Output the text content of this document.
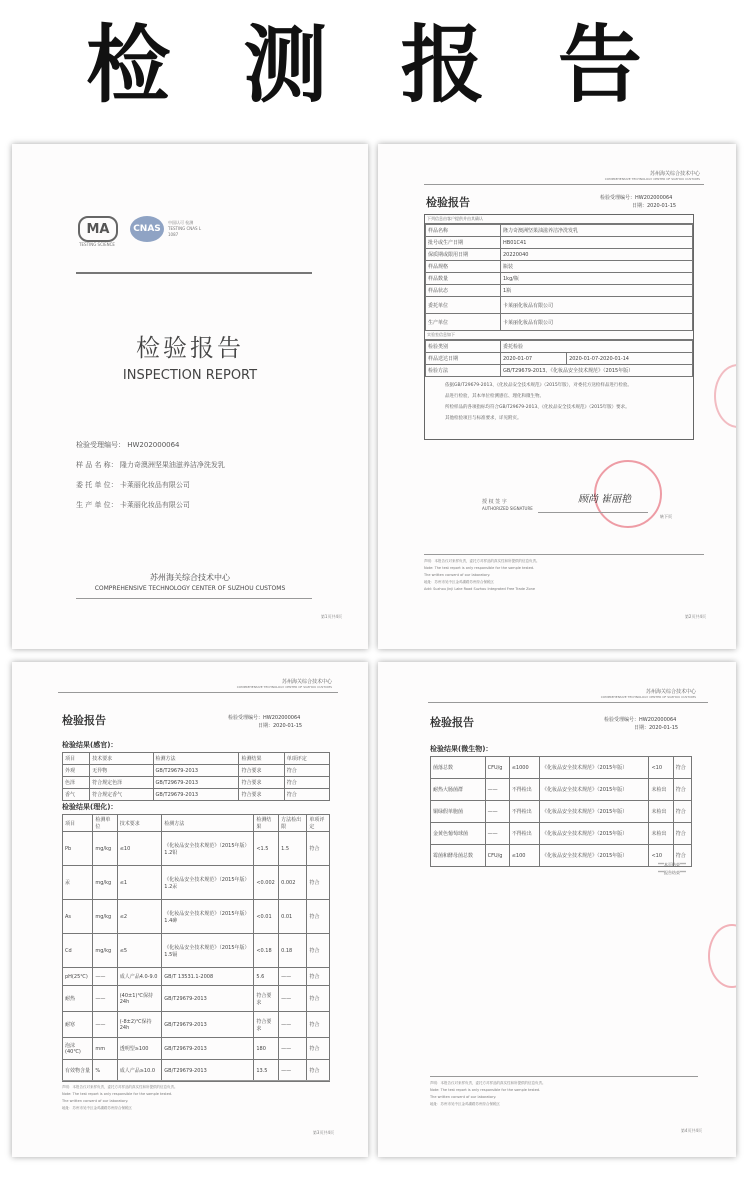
检 测 报 告
MA
TESTING SCIENCE
CNAS
中国认可 检测 TESTING CNAS L 1087
检验报告
INSPECTION REPORT
检验受理编号： HW202000064
样 品 名 称： 隆力奇澳洲坚果油滋养洁净洗发乳
委 托 单 位： 卡莱丽化妆品有限公司
生 产 单 位： 卡莱丽化妆品有限公司
苏州海关综合技术中心
COMPREHENSIVE TECHNOLOGY CENTER OF SUZHOU CUSTOMS
第1页共4页
苏州海关综合技术中心
COMPREHENSIVE TECHNOLOGY CENTER OF SUZHOU CUSTOMS
检验报告	检验受理编号：HW202000064
日期：2020-01-15
下列信息由客户提供并由其确认
样品名称	隆力奇澳洲坚果油滋养洁净洗发乳
批号或生产日期	HB01C41
保质期或限用日期	20220040
样品规格	瓶装
样品数量	1kg/瓶
样品状态	1瓶
委托单位	卡莱丽化妆品有限公司
生产单位	卡莱丽化妆品有限公司
实验室信息如下
检验类别	委托检验	
样品送达日期	2020-01-07	2020-01-07-2020-01-14
检验方法	GB/T29679-2013、《化妆品安全技术规范》（2015年版）	
依据GB/T29679-2013、《化妆品安全技术规范》（2015年版），对委托方送检样品进行检验。
品进行检验，其本单位检测感官、理化和微生物。
所检样品的各项指标均符合GB/T29679-2013、《化妆品安全技术规范》（2015年版）要求。
其他检验项目与标准要求，详见附页。
授 权 签 字
AUTHORIZED SIGNATURE
顾尚 崔丽艳
转下页
声明：本报告仅对来样负责，委托方对样品的真实性和所提供的信息负责。
Note: The test report is only responsible for the sample tested.
The written consent of our laboratory.
地址：苏州市吴中区金鸡湖路苏州综合保税区
Add: Suzhou Jinji Lake Road Suzhou Integrated Free Trade Zone
第2页共4页
苏州海关综合技术中心
COMPREHENSIVE TECHNOLOGY CENTER OF SUZHOU CUSTOMS
检验报告	检验受理编号：HW202000064
日期：2020-01-15
检验结果(感官)：
项目	技术要求	检测方法	检测结果	单项评定
外观	无异物	GB/T29679-2013	符合要求	符合
色泽	符合规定色泽	GB/T29679-2013	符合要求	符合
香气	符合规定香气	GB/T29679-2013	符合要求	符合
检验结果(理化)：
项目	检测单位	技术要求	检测方法	检测结果	方法检出限	单项评定
Pb	mg/kg	≤10	《化妆品安全技术规范》（2015年版）1.2铅	<1.5	1.5	符合
汞	mg/kg	≤1	《化妆品安全技术规范》（2015年版）1.2汞	<0.002	0.002	符合
As	mg/kg	≤2	《化妆品安全技术规范》（2015年版）1.4砷	<0.01	0.01	符合
Cd	mg/kg	≤5	《化妆品安全技术规范》（2015年版）1.5镉	<0.18	0.18	符合
pH(25℃)	——	成人产品4.0-9.0	GB/T 13531.1-2008	5.6	——	符合
耐热	——	(40±1)℃保持24h	GB/T29679-2013	符合要求	——	符合
耐寒	——	(-8±2)℃保持24h	GB/T29679-2013	符合要求	——	符合
泡沫(40℃)	mm	透明型≥100	GB/T29679-2013	180	——	符合
有效物含量	%	成人产品≥10.0	GB/T29679-2013	13.5	——	符合
声明：本报告仅对来样负责，委托方对样品的真实性和所提供的信息负责。
Note: The test report is only responsible for the sample tested.
The written consent of our laboratory.
地址：苏州市吴中区金鸡湖路苏州综合保税区
第3页共4页
苏州海关综合技术中心
COMPREHENSIVE TECHNOLOGY CENTER OF SUZHOU CUSTOMS
检验报告	检验受理编号：HW202000064
日期：2020-01-15
检验结果(微生物)：
菌落总数	CFU/g	≤1000	《化妆品安全技术规范》（2015年版）	<10	符合
耐热大肠菌群	——	不得检出	《化妆品安全技术规范》（2015年版）	未检出	符合
铜绿假单胞菌	——	不得检出	《化妆品安全技术规范》（2015年版）	未检出	符合
金黄色葡萄球菌	——	不得检出	《化妆品安全技术规范》（2015年版）	未检出	符合
霉菌和酵母菌总数	CFU/g	≤100	《化妆品安全技术规范》（2015年版）	<10	符合
***本页结束***
***报告结束***
声明：本报告仅对来样负责，委托方对样品的真实性和所提供的信息负责。
Note: The test report is only responsible for the sample tested.
The written consent of our laboratory.
地址：苏州市吴中区金鸡湖路苏州综合保税区
第4页共4页
